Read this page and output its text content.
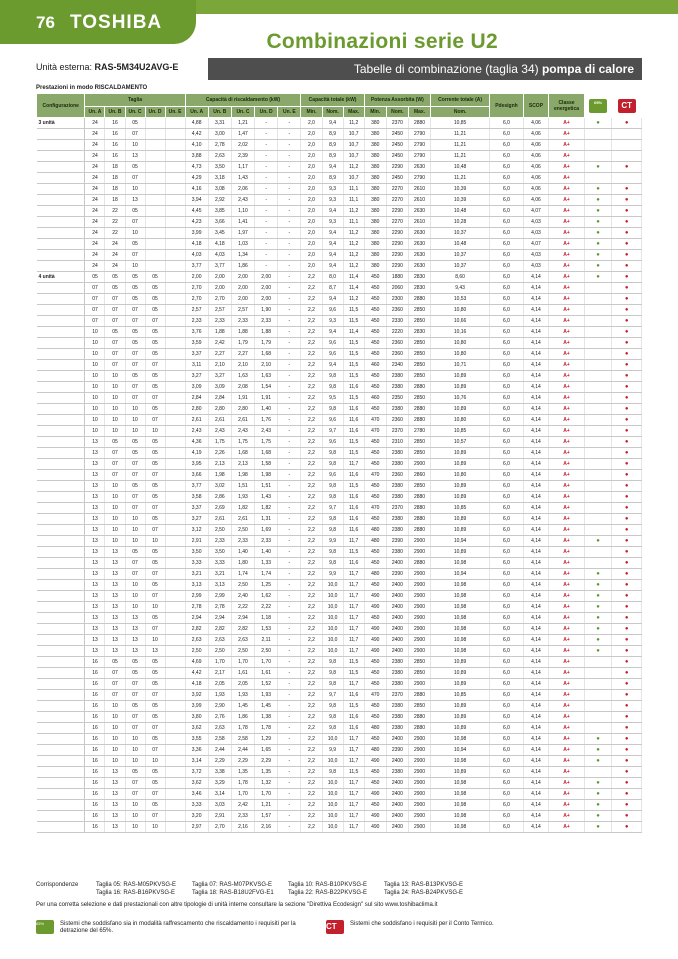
76 TOSHIBA
Combinazioni serie U2
Unità esterna: RAS-5M34U2AVG-E	Tabelle di combinazione (taglia 34) pompa di calore
Prestazioni in modo RISCALDAMENTO
Configurazione	Taglia					Capacità di riscaldamento (kW)					Capacità totale (kW)			Potenza Assorbita (W)			Corrente totale (A)	Pdesignh	SCOP	Classe energetica	65%	CT
	Un. A	Un. B	Un. C	Un. D	Un. E	Un. A	Un. B	Un. C	Un. D	Un. E	Min.	Nom.	Max.	Min.	Nom.	Max.	Nom.					
3 unità	24	16	05			4,88	3,31	1,21	-	-	2,0	9,4	11,2	380	2370	2880	10,85	6,0	4,06	A+	●	●
	24	16	07			4,42	3,00	1,47	-	-	2,0	8,9	10,7	380	2450	2790	11,21	6,0	4,06	A+		
	24	16	10			4,10	2,78	2,02	-	-	2,0	8,9	10,7	380	2450	2790	11,21	6,0	4,06	A+		
	24	16	13			3,88	2,63	2,39	-	-	2,0	8,9	10,7	380	2450	2790	11,21	6,0	4,06	A+		
	24	18	05			4,73	3,50	1,17	-	-	2,0	9,4	11,2	380	2290	2630	10,48	6,0	4,06	A+	●	●
	24	18	07			4,29	3,18	1,43	-	-	2,0	8,9	10,7	380	2450	2790	11,21	6,0	4,06	A+		
	24	18	10			4,16	3,08	2,06	-	-	2,0	9,3	11,1	380	2270	2610	10,39	6,0	4,06	A+	●	●
	24	18	13			3,94	2,92	2,43	-	-	2,0	9,3	11,1	380	2270	2610	10,39	6,0	4,06	A+	●	●
	24	22	05			4,45	3,85	1,10	-	-	2,0	9,4	11,2	380	2290	2630	10,48	6,0	4,07	A+	●	●
	24	22	07			4,23	3,66	1,41	-	-	2,0	9,3	11,1	380	2270	2610	10,28	6,0	4,03	A+	●	●
	24	22	10			3,99	3,45	1,97	-	-	2,0	9,4	11,2	380	2290	2630	10,37	6,0	4,03	A+	●	●
	24	24	05			4,18	4,18	1,03	-	-	2,0	9,4	11,2	380	2290	2630	10,48	6,0	4,07	A+	●	●
	24	24	07			4,03	4,03	1,34	-	-	2,0	9,4	11,2	380	2290	2630	10,37	6,0	4,03	A+	●	●
	24	24	10			3,77	3,77	1,86	-	-	2,0	9,4	11,2	380	2290	2630	10,37	6,0	4,03	A+	●	●
4 unità	05	05	05	05		2,00	2,00	2,00	2,00	-	2,2	8,0	11,4	450	1880	2830	8,60	6,0	4,14	A+	●	●
	07	05	05	05		2,70	2,00	2,00	2,00	-	2,2	8,7	11,4	450	2060	2830	9,43	6,0	4,14	A+		●
	07	07	05	05		2,70	2,70	2,00	2,00	-	2,2	9,4	11,2	450	2300	2880	10,53	6,0	4,14	A+		●
	07	07	07	05		2,57	2,57	2,57	1,90	-	2,2	9,6	11,5	450	2360	2850	10,80	6,0	4,14	A+		●
	07	07	07	07		2,33	2,33	2,33	2,33	-	2,2	9,3	11,5	450	2330	2850	10,66	6,0	4,14	A+		●
	10	05	05	05		3,76	1,88	1,88	1,88	-	2,2	9,4	11,4	450	2220	2830	10,16	6,0	4,14	A+		●
	10	07	05	05		3,59	2,42	1,79	1,79	-	2,2	9,6	11,5	450	2360	2850	10,80	6,0	4,14	A+		●
	10	07	07	05		3,37	2,27	2,27	1,68	-	2,2	9,6	11,5	450	2360	2850	10,80	6,0	4,14	A+		●
	10	07	07	07		3,11	2,10	2,10	2,10	-	2,2	9,4	11,5	460	2340	2850	10,71	6,0	4,14	A+		●
	10	10	05	05		3,27	3,27	1,63	1,63	-	2,2	9,8	11,5	450	2380	2850	10,89	6,0	4,14	A+		●
	10	10	07	05		3,09	3,09	2,08	1,54	-	2,2	9,8	11,6	450	2380	2880	10,89	6,0	4,14	A+		●
	10	10	07	07		2,84	2,84	1,91	1,91	-	2,2	9,5	11,5	460	2350	2850	10,76	6,0	4,14	A+		●
	10	10	10	05		2,80	2,80	2,80	1,40	-	2,2	9,8	11,6	450	2380	2880	10,89	6,0	4,14	A+		●
	10	10	10	07		2,61	2,61	2,61	1,76	-	2,2	9,6	11,6	470	2360	2880	10,80	6,0	4,14	A+		●
	10	10	10	10		2,43	2,43	2,43	2,43	-	2,2	9,7	11,6	470	2370	2780	10,85	6,0	4,14	A+		●
	13	05	05	05		4,36	1,75	1,75	1,75	-	2,2	9,6	11,5	450	2310	2850	10,57	6,0	4,14	A+		●
	13	07	05	05		4,19	2,26	1,68	1,68	-	2,2	9,8	11,5	450	2380	2850	10,89	6,0	4,14	A+		●
	13	07	07	05		3,95	2,13	2,13	1,58	-	2,2	9,8	11,7	450	2380	2900	10,89	6,0	4,14	A+		●
	13	07	07	07		3,66	1,98	1,98	1,98	-	2,2	9,6	11,6	470	2360	2860	10,80	6,0	4,14	A+		●
	13	10	05	05		3,77	3,02	1,51	1,51	-	2,2	9,8	11,5	450	2380	2850	10,89	6,0	4,14	A+		●
	13	10	07	05		3,58	2,86	1,93	1,43	-	2,2	9,8	11,6	450	2380	2880	10,89	6,0	4,14	A+		●
	13	10	07	07		3,37	2,69	1,82	1,82	-	2,2	9,7	11,6	470	2370	2880	10,85	6,0	4,14	A+		●
	13	10	10	05		3,27	2,61	2,61	1,31	-	2,2	9,8	11,6	450	2380	2880	10,89	6,0	4,14	A+		●
	13	10	10	07		3,12	2,50	2,50	1,69	-	2,2	9,8	11,6	480	2380	2880	10,89	6,0	4,14	A+		●
	13	10	10	10		2,91	2,33	2,33	2,33	-	2,2	9,9	11,7	480	2390	2900	10,94	6,0	4,14	A+	●	●
	13	13	05	05		3,50	3,50	1,40	1,40	-	2,2	9,8	11,5	450	2380	2900	10,89	6,0	4,14	A+		●
	13	13	07	05		3,33	3,33	1,80	1,33	-	2,2	9,8	11,6	450	2400	2880	10,98	6,0	4,14	A+		●
	13	13	07	07		3,21	3,21	1,74	1,74	-	2,2	9,9	11,7	480	2390	2900	10,94	6,0	4,14	A+	●	●
	13	13	10	05		3,13	3,13	2,50	1,25	-	2,2	10,0	11,7	450	2400	2900	10,98	6,0	4,14	A+	●	●
	13	13	10	07		2,99	2,99	2,40	1,62	-	2,2	10,0	11,7	490	2400	2900	10,98	6,0	4,14	A+	●	●
	13	13	10	10		2,78	2,78	2,22	2,22	-	2,2	10,0	11,7	490	2400	2900	10,98	6,0	4,14	A+	●	●
	13	13	13	05		2,94	2,94	2,94	1,18	-	2,2	10,0	11,7	450	2400	2900	10,98	6,0	4,14	A+	●	●
	13	13	13	07		2,82	2,82	2,82	1,53	-	2,2	10,0	11,7	490	2400	2900	10,98	6,0	4,14	A+	●	●
	13	13	13	10		2,63	2,63	2,63	2,11	-	2,2	10,0	11,7	490	2400	2900	10,98	6,0	4,14	A+	●	●
	13	13	13	13		2,50	2,50	2,50	2,50	-	2,2	10,0	11,7	490	2400	2900	10,98	6,0	4,14	A+	●	●
	16	05	05	05		4,69	1,70	1,70	1,70	-	2,2	9,8	11,5	450	2380	2850	10,89	6,0	4,14	A+		●
	16	07	05	05		4,42	2,17	1,61	1,61	-	2,2	9,8	11,5	450	2380	2850	10,89	6,0	4,14	A+		●
	16	07	07	05		4,18	2,05	2,05	1,52	-	2,2	9,8	11,7	450	2380	2900	10,89	6,0	4,14	A+		●
	16	07	07	07		3,92	1,93	1,93	1,93	-	2,2	9,7	11,6	470	2370	2880	10,85	6,0	4,14	A+		●
	16	10	05	05		3,99	2,90	1,45	1,45	-	2,2	9,8	11,5	450	2380	2850	10,89	6,0	4,14	A+		●
	16	10	07	05		3,80	2,76	1,86	1,38	-	2,2	9,8	11,6	450	2380	2880	10,89	6,0	4,14	A+		●
	16	10	07	07		3,62	2,63	1,78	1,78	-	2,2	9,8	11,6	480	2380	2880	10,89	6,0	4,14	A+		●
	16	10	10	05		3,55	2,58	2,58	1,29	-	2,2	10,0	11,7	450	2400	2900	10,98	6,0	4,14	A+	●	●
	16	10	10	07		3,36	2,44	2,44	1,65	-	2,2	9,9	11,7	480	2390	2900	10,94	6,0	4,14	A+	●	●
	16	10	10	10		3,14	2,29	2,29	2,29	-	2,2	10,0	11,7	490	2400	2900	10,98	6,0	4,14	A+	●	●
	16	13	05	05		3,72	3,38	1,35	1,35	-	2,2	9,8	11,5	450	2380	2900	10,89	6,0	4,14	A+		●
	16	13	07	05		3,62	3,29	1,78	1,32	-	2,2	10,0	11,7	450	2400	2900	10,98	6,0	4,14	A+	●	●
	16	13	07	07		3,46	3,14	1,70	1,70	-	2,2	10,0	11,7	490	2400	2900	10,98	6,0	4,14	A+	●	●
	16	13	10	05		3,33	3,03	2,42	1,21	-	2,2	10,0	11,7	450	2400	2900	10,98	6,0	4,14	A+	●	●
	16	13	10	07		3,20	2,91	2,33	1,57	-	2,2	10,0	11,7	490	2400	2900	10,98	6,0	4,14	A+	●	●
	16	13	10	10		2,97	2,70	2,16	2,16	-	2,2	10,0	11,7	490	2400	2900	10,98	6,0	4,14	A+	●	●
Corrispondenze	Taglia 05: RAS-M05PKVSG-E	Taglia 07: RAS-M07PKVSG-E	Taglia 10: RAS-B10PKVSG-E	Taglia 13: RAS-B13PKVSG-E
Taglia 16: RAS-B16PKVSG-E	Taglia 18: RAS-B18U2FVG-E1	Taglia 22: RAS-B22PKVSG-E	Taglia 24: RAS-B24PKVSG-E
Per una corretta selezione e dati prestazionali con altre tipologie di unità interne consultare la sezione "Direttiva Ecodesign" sul sito www.toshibaclima.it
65%	Sistemi che soddisfano sia in modalità raffrescamento che riscaldamento i requisiti per la detrazione del 65%.	CT	Sistemi che soddisfano i requisiti per il Conto Termico.
